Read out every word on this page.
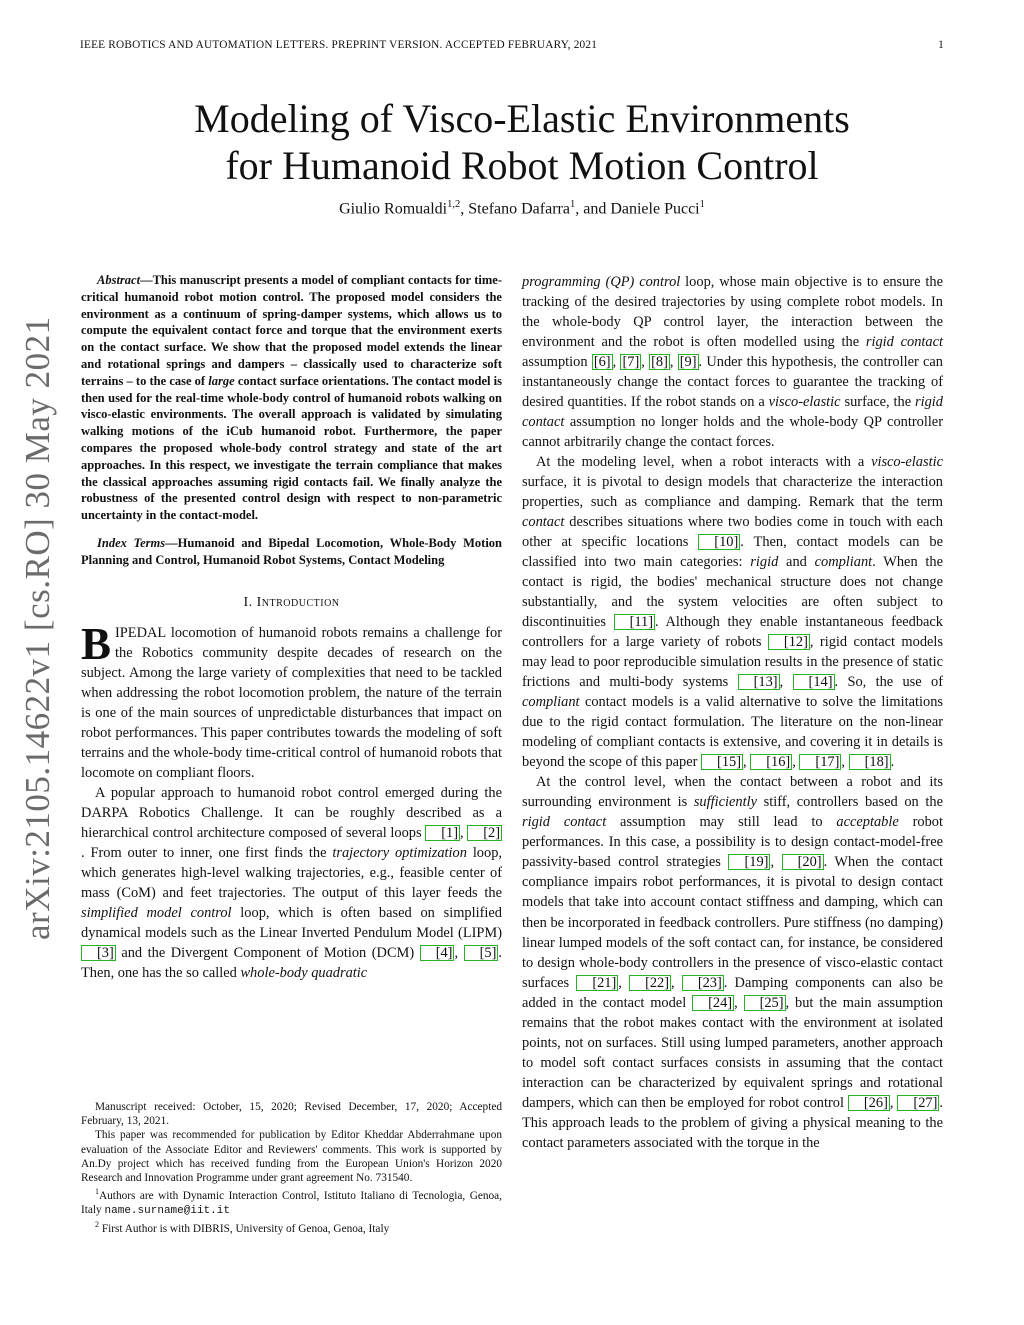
IEEE ROBOTICS AND AUTOMATION LETTERS. PREPRINT VERSION. ACCEPTED FEBRUARY, 2021	1
arXiv:2105.14622v1 [cs.RO] 30 May 2021
Modeling of Visco-Elastic Environments
for Humanoid Robot Motion Control
Giulio Romualdi$^{1,2}$, Stefano Dafarra$^1$, and Daniele Pucci$^1$

Abstract—This manuscript presents a model of compliant contacts for time-critical humanoid robot motion control. The proposed model considers the environment as a continuum of spring-damper systems, which allows us to compute the equivalent contact force and torque that the environment exerts on the contact surface. We show that the proposed model extends the linear and rotational springs and dampers – classically used to characterize soft terrains – to the case of large contact surface orientations. The contact model is then used for the real-time whole-body control of humanoid robots walking on visco-elastic environments. The overall approach is validated by simulating walking motions of the iCub humanoid robot. Furthermore, the paper compares the proposed whole-body control strategy and state of the art approaches. In this respect, we investigate the terrain compliance that makes the classical approaches assuming rigid contacts fail. We finally analyze the robustness of the presented control design with respect to non-parametric uncertainty in the contact-model.

Index Terms—Humanoid and Bipedal Locomotion, Whole-Body Motion Planning and Control, Humanoid Robot Systems, Contact Modeling

I. Introduction

BIPEDAL locomotion of humanoid robots remains a challenge for the Robotics community despite decades of research on the subject. Among the large variety of complexities that need to be tackled when addressing the robot locomotion problem, the nature of the terrain is one of the main sources of unpredictable disturbances that impact on robot performances. This paper contributes towards the modeling of soft terrains and the whole-body time-critical control of humanoid robots that locomote on compliant floors.

A popular approach to humanoid robot control emerged during the DARPA Robotics Challenge. It can be roughly described as a hierarchical control architecture composed of several loops [1] , [2]. From outer to inner, one first finds the trajectory optimization loop, which generates high-level walking trajectories, e.g., feasible center of mass (CoM) and feet trajectories. The output of this layer feeds the simplified model control loop, which is often based on simplified dynamical models such as the Linear Inverted Pendulum Model (LIPM) [3] and the Divergent Component of Motion (DCM) [4] , [5] . Then, one has the so called whole-body quadratic

Manuscript received: October, 15, 2020; Revised December, 17, 2020; Accepted February, 13, 2021.

This paper was recommended for publication by Editor Kheddar Abderrahmane upon evaluation of the Associate Editor and Reviewers' comments. This work is supported by An.Dy project which has received funding from the European Union's Horizon 2020 Research and Innovation Programme under grant agreement No. 731540.

$^1$Authors are with Dynamic Interaction Control, Istituto Italiano di Tecnologia, Genoa, Italy name.surname@iit.it

$^2$ First Author is with DIBRIS, University of Genoa, Genoa, Italy

programming (QP) control loop, whose main objective is to ensure the tracking of the desired trajectories by using complete robot models. In the whole-body QP control layer, the interaction between the environment and the robot is often modelled using the rigid contact assumption [6] , [7] , [8] , [9] . Under this hypothesis, the controller can instantaneously change the contact forces to guarantee the tracking of desired quantities. If the robot stands on a visco-elastic surface, the rigid contact assumption no longer holds and the whole-body QP controller cannot arbitrarily change the contact forces.

At the modeling level, when a robot interacts with a visco-elastic surface, it is pivotal to design models that characterize the interaction properties, such as compliance and damping. Remark that the term contact describes situations where two bodies come in touch with each other at specific locations [10] . Then, contact models can be classified into two main categories: rigid and compliant. When the contact is rigid, the bodies' mechanical structure does not change substantially, and the system velocities are often subject to discontinuities [11] . Although they enable instantaneous feedback controllers for a large variety of robots [12] , rigid contact models may lead to poor reproducible simulation results in the presence of static frictions and multi-body systems [13] , [14] . So, the use of compliant contact models is a valid alternative to solve the limitations due to the rigid contact formulation. The literature on the non-linear modeling of compliant contacts is extensive, and covering it in details is beyond the scope of this paper [15] , [16] , [17] , [18] .

At the control level, when the contact between a robot and its surrounding environment is sufficiently stiff, controllers based on the rigid contact assumption may still lead to acceptable robot performances. In this case, a possibility is to design contact-model-free passivity-based control strategies [19] , [20] . When the contact compliance impairs robot performances, it is pivotal to design contact models that take into account contact stiffness and damping, which can then be incorporated in feedback controllers. Pure stiffness (no damping) linear lumped models of the soft contact can, for instance, be considered to design whole-body controllers in the presence of visco-elastic contact surfaces [21] , [22] , [23] . Damping components can also be added in the contact model [24] , [25] , but the main assumption remains that the robot makes contact with the environment at isolated points, not on surfaces. Still using lumped parameters, another approach to model soft contact surfaces consists in assuming that the contact interaction can be characterized by equivalent springs and rotational dampers, which can then be employed for robot control [26] , [27] . This approach leads to the problem of giving a physical meaning to the contact parameters associated with the torque in the
